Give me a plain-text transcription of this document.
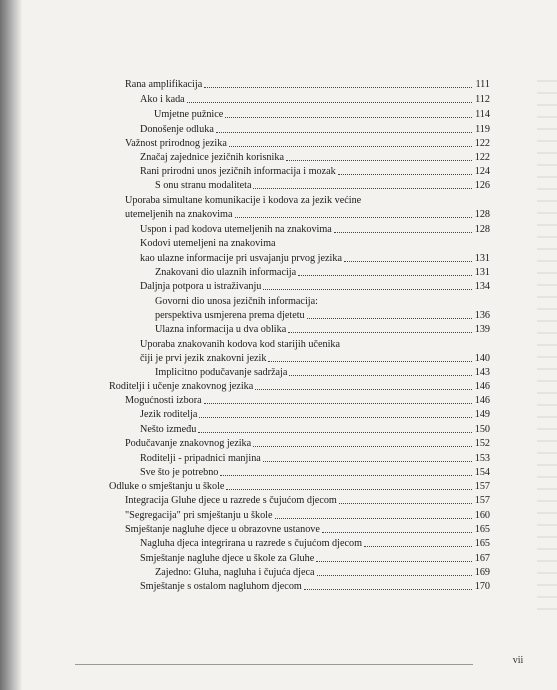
Rana amplifikacija	111
Ako i kada	112
Umjetne pužnice	114
Donošenje odluka	119
Važnost prirodnog jezika	122
Značaj zajednice jezičnih korisnika	122
Rani prirodni unos jezičnih informacija i mozak	124
S onu stranu modaliteta	126
Uporaba simultane komunikacije i kodova za jezik većine
utemeljenih na znakovima	128
Uspon i pad kodova utemeljenih na znakovima	128
Kodovi utemeljeni na znakovima
kao ulazne informacije pri usvajanju prvog jezika	131
Znakovani dio ulaznih informacija	131
Daljnja potpora u istraživanju	134
Govorni dio unosa jezičnih informacija:
perspektiva usmjerena prema djetetu	136
Ulazna informacija u dva oblika	139
Uporaba znakovanih kodova kod starijih učenika
čiji je prvi jezik znakovni jezik	140
Implicitno podučavanje sadržaja	143
Roditelji i učenje znakovnog jezika	146
Mogućnosti izbora	146
Jezik roditelja	149
Nešto između	150
Podučavanje znakovnog jezika	152
Roditelji - pripadnici manjina	153
Sve što je potrebno	154
Odluke o smještanju u škole	157
Integracija Gluhe djece u razrede s čujućom djecom	157
"Segregacija" pri smještanju u škole	160
Smještanje nagluhe djece u obrazovne ustanove	165
Nagluha djeca integrirana u razrede s čujućom djecom	165
Smještanje nagluhe djece u škole za Gluhe	167
Zajedno: Gluha, nagluha i čujuća djeca	169
Smještanje s ostalom nagluhom djecom	170
vii
